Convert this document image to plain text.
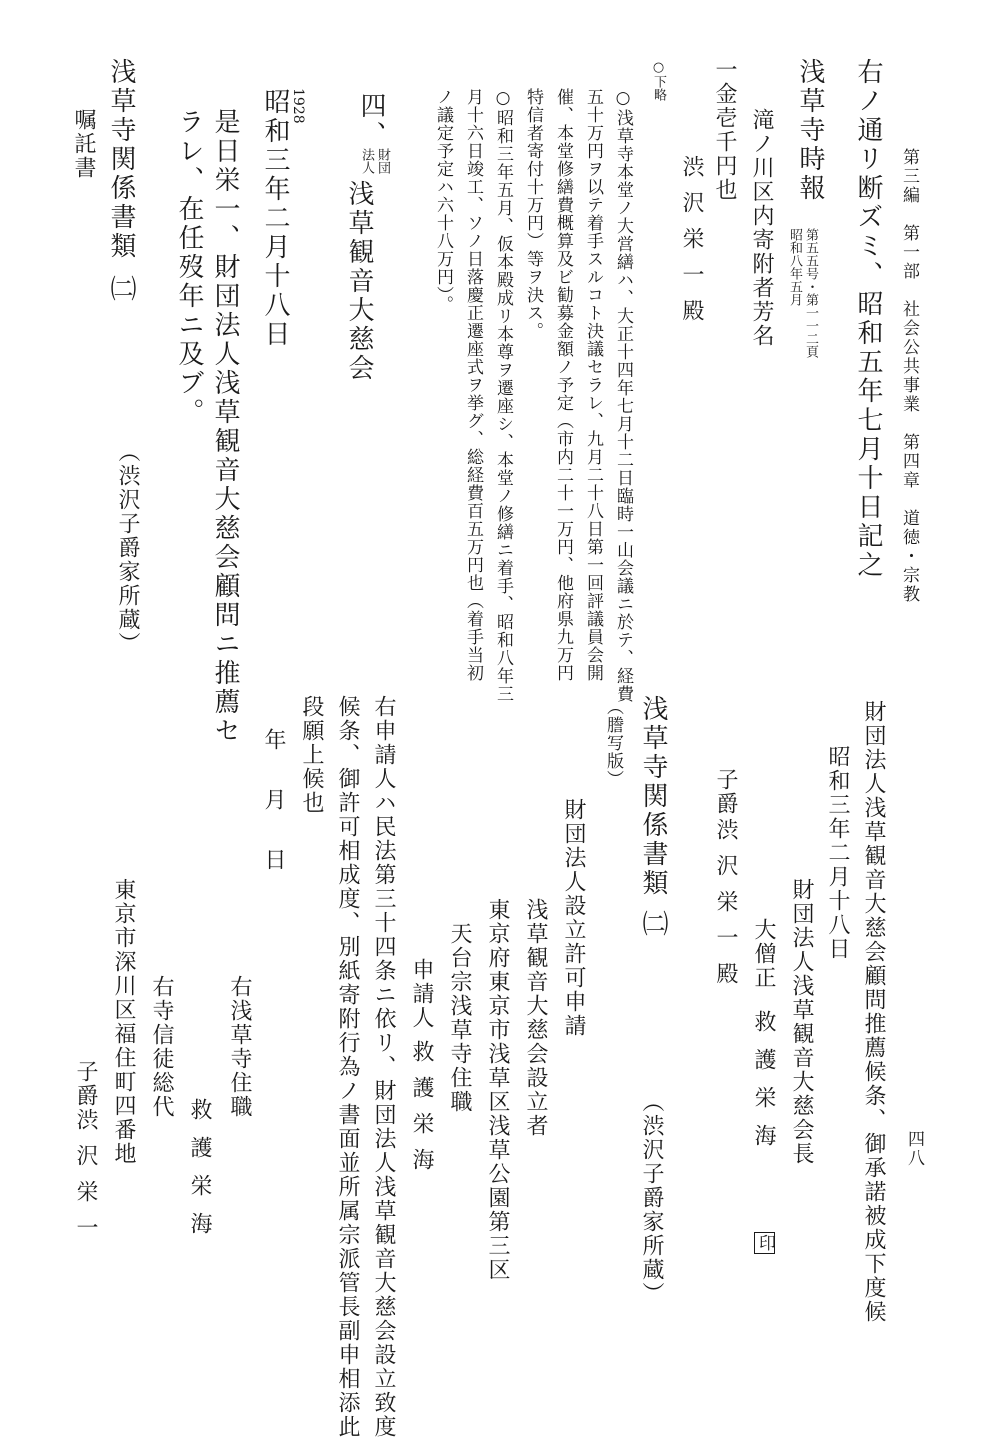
第三編　第一部　社会公共事業　第四章　道徳・宗教
右ノ通リ断ズミ、昭和五年七月十日記之
浅草寺時報
第五五号・第一一二頁
昭和八年五月
滝ノ川区内寄附者芳名
一金壱千円也
渋沢栄一殿
○下略
○浅草寺本堂ノ大営繕ハ、大正十四年七月十二日臨時一山会議ニ於テ、経費
五十万円ヲ以テ着手スルコト決議セラレ、九月二十八日第一回評議員会開
催、本堂修繕費概算及ビ勧募金額ノ予定（市内二十一万円、他府県九万円
特信者寄付十万円）等ヲ決ス。
○昭和三年五月、仮本殿成リ本尊ヲ遷座シ、本堂ノ修繕ニ着手、昭和八年三
月十六日竣工、ソノ日落慶正遷座式ヲ挙グ、総経費百五万円也（着手当初
ノ議定予定ハ六十八万円）。
四、
財団
法人
浅草観音大慈会
1928
昭和三年二月十八日
是日栄一、財団法人浅草観音大慈会顧問ニ推薦セ
ラレ、在任歿年ニ及ブ。
浅草寺関係書類
㈡
（渋沢子爵家所蔵）
嘱託書
四八
財団法人浅草観音大慈会顧問推薦候条、御承諾被成下度候
昭和三年二月十八日
財団法人浅草観音大慈会長
大僧正
救護栄海
印
子爵
渋沢栄一殿
（渋沢子爵家所蔵）
浅草寺関係書類
㈡
（謄写版）
財団法人設立許可申請
浅草観音大慈会設立者
東京府東京市浅草区浅草公園第三区
天台宗浅草寺住職
申請人
救護栄海
右申請人ハ民法第三十四条ニ依リ、財団法人浅草観音大慈会設立致度
候条、御許可相成度、別紙寄附行為ノ書面並所属宗派管長副申相添此
段願上候也
年　月　日
右浅草寺住職
救護栄海
右寺信徒総代
東京市深川区福住町四番地
子爵
渋沢栄一
